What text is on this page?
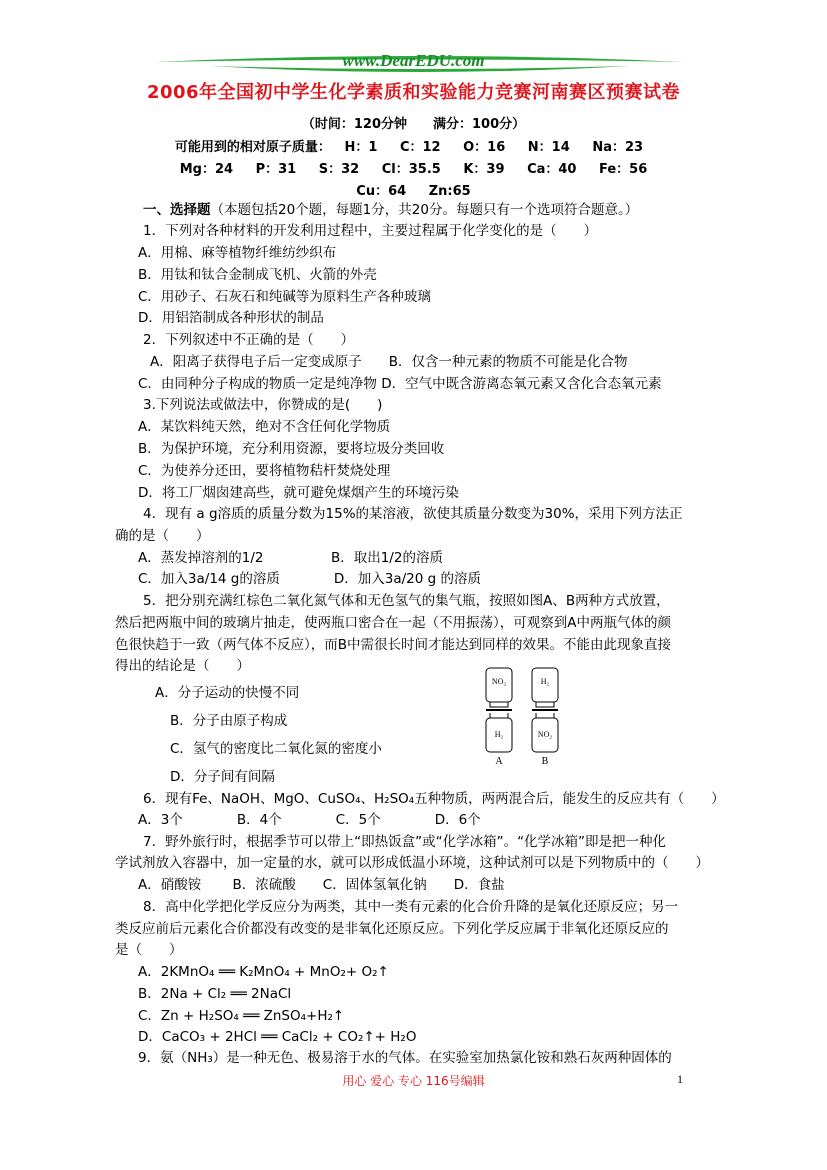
www.DearEDU.com
2006年全国初中学生化学素质和实验能力竞赛河南赛区预赛试卷
（时间：120分钟　　满分：100分）
可能用到的相对原子质量： H：1 C：12 O：16 N：14 Na：23
Mg：24 P：31 S：32 Cl：35.5 K：39 Ca：40 Fe：56
Cu：64 Zn:65
一、选择题（本题包括20个题，每题1分，共20分。每题只有一个选项符合题意。）
1．下列对各种材料的开发利用过程中，主要过程属于化学变化的是（　　）
A．用棉、麻等植物纤维纺纱织布
B．用钛和钛合金制成飞机、火箭的外壳
C．用砂子、石灰石和纯碱等为原料生产各种玻璃
D．用铝箔制成各种形状的制品
2．下列叙述中不正确的是（　　）
A．阳离子获得电子后一定变成原子　　B．仅含一种元素的物质不可能是化合物
C．由同种分子构成的物质一定是纯净物 D．空气中既含游离态氧元素又含化合态氧元素
3.下列说法或做法中，你赞成的是(　　)
A．某饮料纯天然，绝对不含任何化学物质
B．为保护环境，充分利用资源，要将垃圾分类回收
C．为使养分还田，要将植物秸杆焚烧处理
D．将工厂烟囱建高些，就可避免煤烟产生的环境污染
4．现有 a g溶质的质量分数为15%的某溶液，欲使其质量分数变为30%，采用下列方法正
确的是（　　）
A．蒸发掉溶剂的1/2　　　　　B．取出1/2的溶质
C．加入3a/14 g的溶质　　　　D．加入3a/20 g 的溶质
5．把分别充满红棕色二氧化氮气体和无色氢气的集气瓶，按照如图A、B两种方式放置，
然后把两瓶中间的玻璃片抽走，使两瓶口密合在一起（不用振荡），可观察到A中两瓶气体的颜
色很快趋于一致（两气体不反应），而B中需很长时间才能达到同样的效果。不能由此现象直接
得出的结论是（　　）
A．分子运动的快慢不同
B．分子由原子构成
C．氢气的密度比二氧化氮的密度小
D．分子间有间隔
NO₂
H₂
H₂
NO₂
A	B
6．现有Fe、NaOH、MgO、CuSO₄、H₂SO₄五种物质，两两混合后，能发生的反应共有（　　）
A．3个　　　　B．4个　　　　C．5个　　　　D．6个
7．野外旅行时，根据季节可以带上“即热饭盒”或“化学冰箱”。“化学冰箱”即是把一种化
学试剂放入容器中，加一定量的水，就可以形成低温小环境，这种试剂可以是下列物质中的（　　）
A．硝酸铵　　 B．浓硫酸　　C．固体氢氧化钠　　D．食盐
8．高中化学把化学反应分为两类，其中一类有元素的化合价升降的是氧化还原反应；另一
类反应前后元素化合价都没有改变的是非氧化还原反应。下列化学反应属于非氧化还原反应的
是（　　）
A．2KMnO₄ ══ K₂MnO₄ + MnO₂+ O₂↑
B．2Na + Cl₂ ══ 2NaCl
C．Zn + H₂SO₄ ══ ZnSO₄+H₂↑
D．CaCO₃ + 2HCl ══ CaCl₂ + CO₂↑+ H₂O
9．氨（NH₃）是一种无色、极易溶于水的气体。在实验室加热氯化铵和熟石灰两种固体的
用心 爱心 专心 116号编辑	1
